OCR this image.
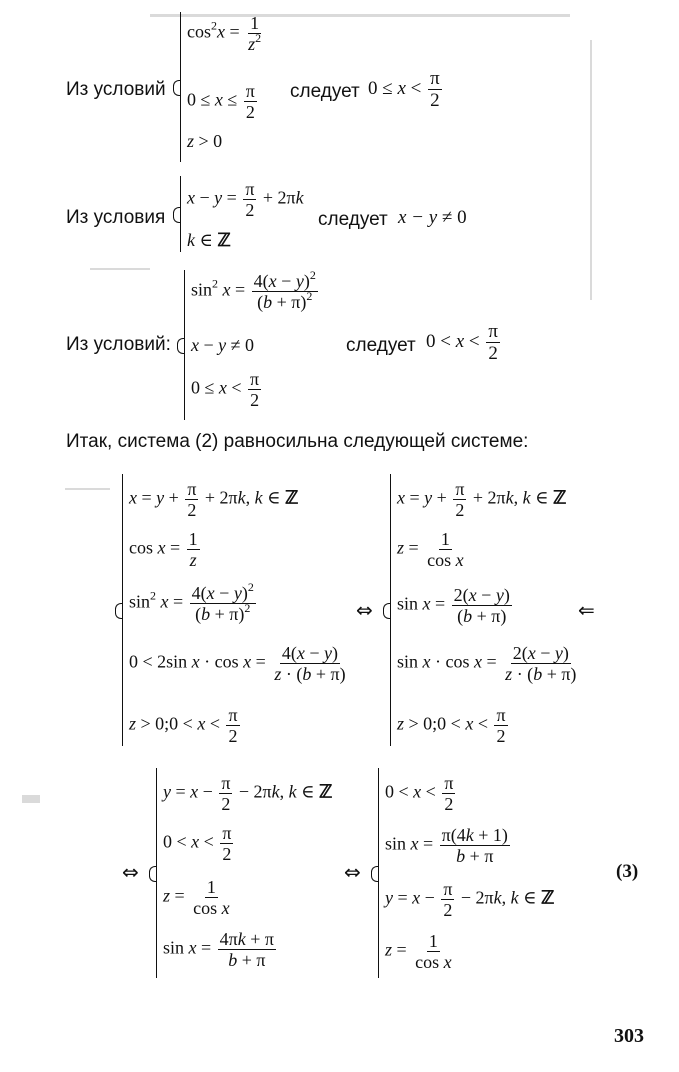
Из условий
$\cos^2x = \frac{1}{z^2}$
$0 \le x \le \frac{\pi}{2}$
z > 0
следует $0 \le x < \frac{\pi}{2}$
Из условия
$x - y = \frac{\pi}{2} + 2\pi k$
k ∈ ℤ
следует x − y ≠ 0
Из условий:
$\sin^2 x = \frac{4(x - y)^2}{(b + \pi)^2}$
x − y ≠ 0
$0 \le x < \frac{\pi}{2}$
следует $0 < x < \frac{\pi}{2}$
Итак, система (2) равносильна следующей системе:
$x = y + \frac{\pi}{2} + 2\pi k$, k ∈ ℤ
$\cos x = \frac{1}{z}$
$\sin^2 x = \frac{4(x - y)^2}{(b + \pi)^2}$
0 < 2sin $x \cdot \cos x = \frac{4(x - y)}{z \cdot (b + \pi)}$
z > 0;0 < $x < \frac{\pi}{2}$
⇔
$x = y + \frac{\pi}{2} + 2\pi k$, k ∈ ℤ
$z = \frac{1}{\text{cos x}}$
$\sin x = \frac{2(x - y)}{(b + \pi)}$
$\sin x \cdot \cos x = \frac{2(x - y)}{z \cdot (b + \pi)}$
z > 0;0 < $x < \frac{\pi}{2}$
⇐
⇔
$y = x - \frac{\pi}{2} - 2\pi k$, k ∈ ℤ
$0 < x < \frac{\pi}{2}$
$z = \frac{1}{\text{cos x}}$
$\sin x = \frac{4\pi k + \pi}{b + \pi}$
⇔
$0 < x < \frac{\pi}{2}$
$\sin x = \frac{\pi(4k + 1)}{b + \pi}$
$y = x - \frac{\pi}{2} - 2\pi k$, k ∈ ℤ
$z = \frac{1}{\text{cos x}}$
(3)
303
